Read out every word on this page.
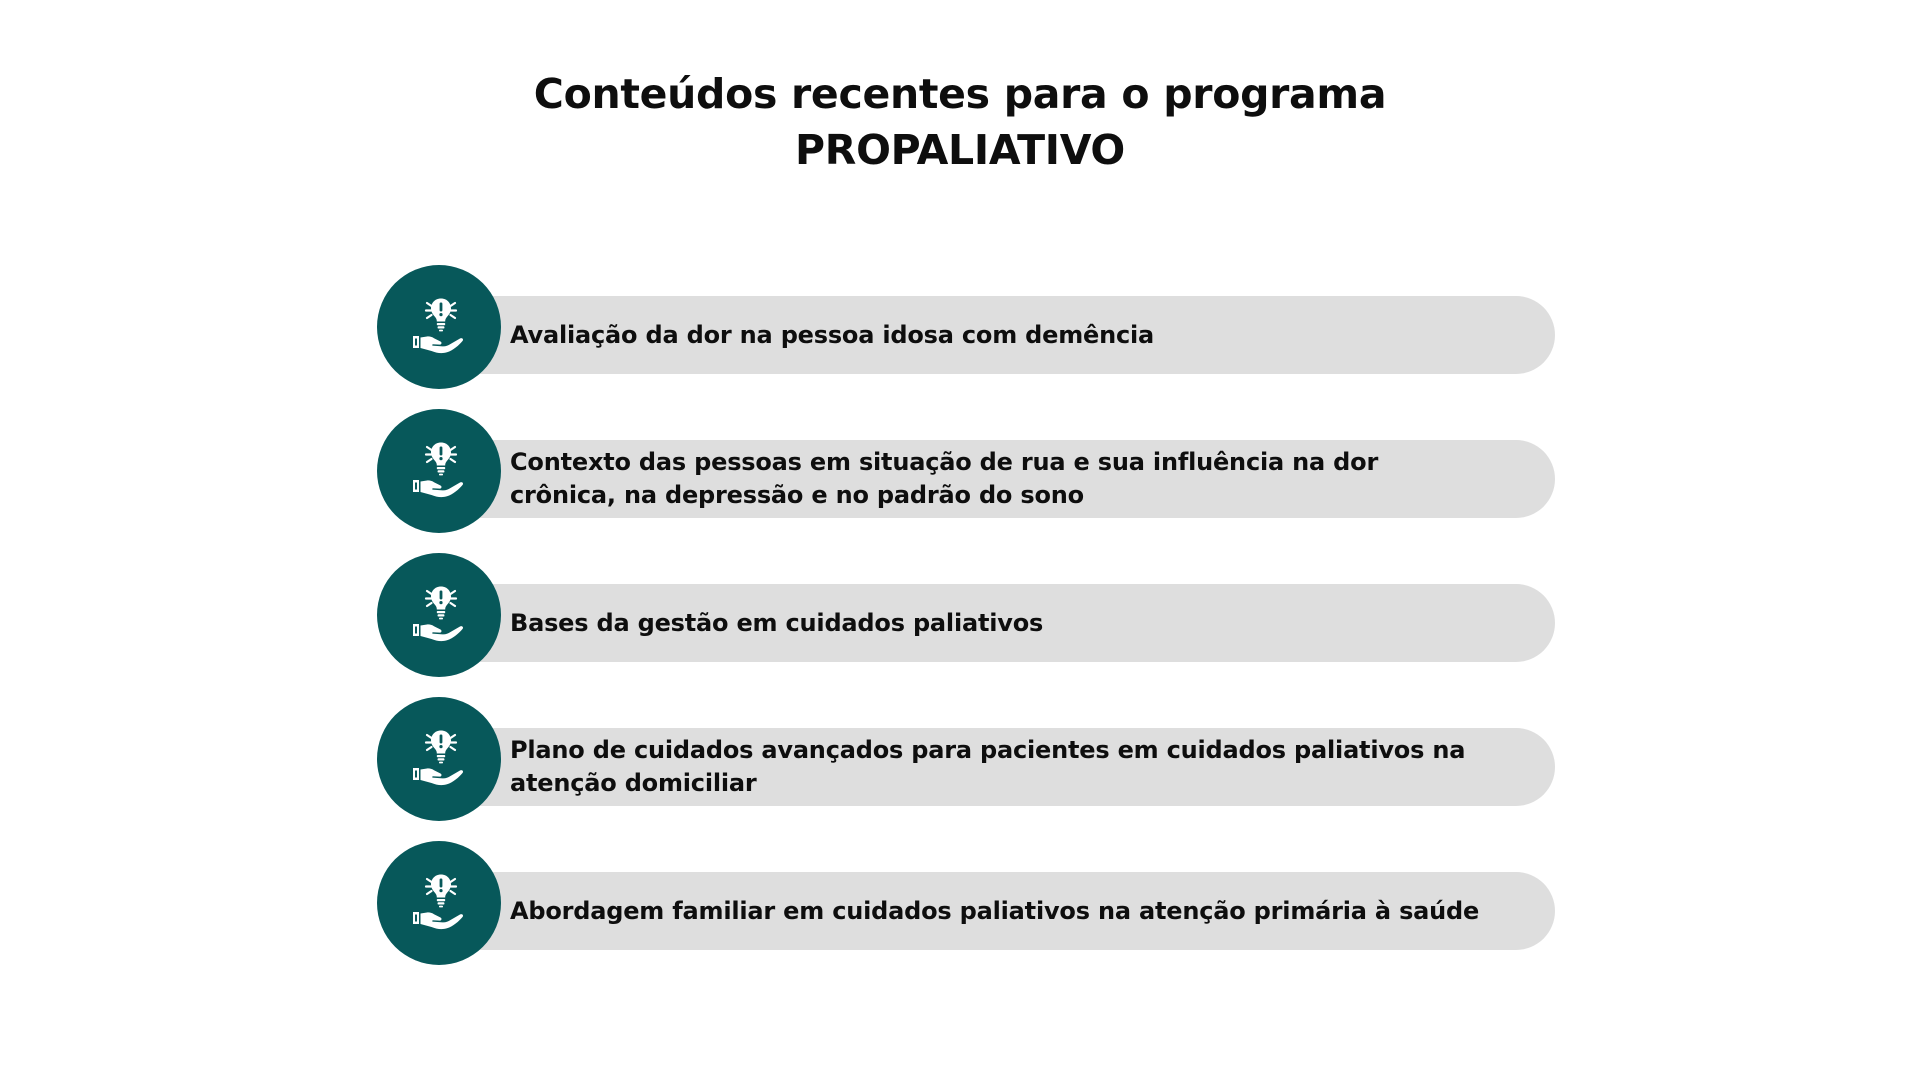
Conteúdos recentes para o programa
PROPALIATIVO
Avaliação da dor na pessoa idosa com demência
Contexto das pessoas em situação de rua e sua influência na dor crônica, na depressão e no padrão do sono
Bases da gestão em cuidados paliativos
Plano de cuidados avançados para pacientes em cuidados paliativos na atenção domiciliar
Abordagem familiar em cuidados paliativos na atenção primária à saúde
